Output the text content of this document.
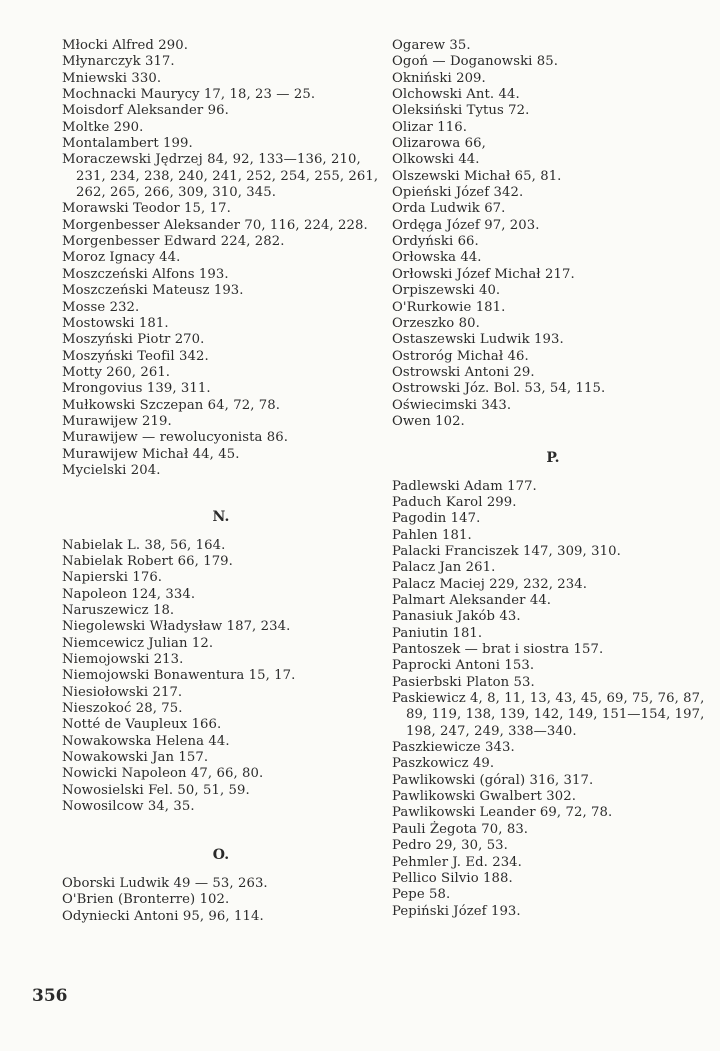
Młocki Alfred 290.
Młynarczyk 317.
Mniewski 330.
Mochnacki Maurycy 17, 18, 23 — 25.
Moisdorf Aleksander 96.
Moltke 290.
Montalambert 199.
Moraczewski Jędrzej 84, 92, 133—136, 210, 231, 234, 238, 240, 241, 252, 254, 255, 261, 262, 265, 266, 309, 310, 345.
Morawski Teodor 15, 17.
Morgenbesser Aleksander 70, 116, 224, 228.
Morgenbesser Edward 224, 282.
Moroz Ignacy 44.
Moszczeński Alfons 193.
Moszczeński Mateusz 193.
Mosse 232.
Mostowski 181.
Moszyński Piotr 270.
Moszyński Teofil 342.
Motty 260, 261.
Mrongovius 139, 311.
Mułkowski Szczepan 64, 72, 78.
Murawijew 219.
Murawijew — rewolucyonista 86.
Murawijew Michał 44, 45.
Mycielski 204.
N.
Nabielak L. 38, 56, 164.
Nabielak Robert 66, 179.
Napierski 176.
Napoleon 124, 334.
Naruszewicz 18.
Niegolewski Władysław 187, 234.
Niemcewicz Julian 12.
Niemojowski 213.
Niemojowski Bonawentura 15, 17.
Niesiołowski 217.
Nieszokoć 28, 75.
Notté de Vaupleux 166.
Nowakowska Helena 44.
Nowakowski Jan 157.
Nowicki Napoleon 47, 66, 80.
Nowosielski Fel. 50, 51, 59.
Nowosilcow 34, 35.
O.
Oborski Ludwik 49 — 53, 263.
O'Brien (Bronterre) 102.
Odyniecki Antoni 95, 96, 114.
Ogarew 35.
Ogoń — Doganowski 85.
Okniński 209.
Olchowski Ant. 44.
Oleksiński Tytus 72.
Olizar 116.
Olizarowa 66,
Olkowski 44.
Olszewski Michał 65, 81.
Opieński Józef 342.
Orda Ludwik 67.
Ordęga Józef 97, 203.
Ordyński 66.
Orłowska 44.
Orłowski Józef Michał 217.
Orpiszewski 40.
O'Rurkowie 181.
Orzeszko 80.
Ostaszewski Ludwik 193.
Ostroróg Michał 46.
Ostrowski Antoni 29.
Ostrowski Józ. Bol. 53, 54, 115.
Oświecimski 343.
Owen 102.
P.
Padlewski Adam 177.
Paduch Karol 299.
Pagodin 147.
Pahlen 181.
Palacki Franciszek 147, 309, 310.
Palacz Jan 261.
Palacz Maciej 229, 232, 234.
Palmart Aleksander 44.
Panasiuk Jakób 43.
Paniutin 181.
Pantoszek — brat i siostra 157.
Paprocki Antoni 153.
Pasierbski Platon 53.
Paskiewicz 4, 8, 11, 13, 43, 45, 69, 75, 76, 87, 89, 119, 138, 139, 142, 149, 151—154, 197, 198, 247, 249, 338—340.
Paszkiewicze 343.
Paszkowicz 49.
Pawlikowski (góral) 316, 317.
Pawlikowski Gwalbert 302.
Pawlikowski Leander 69, 72, 78.
Pauli Żegota 70, 83.
Pedro 29, 30, 53.
Pehmler J. Ed. 234.
Pellico Silvio 188.
Pepe 58.
Pepiński Józef 193.
356
